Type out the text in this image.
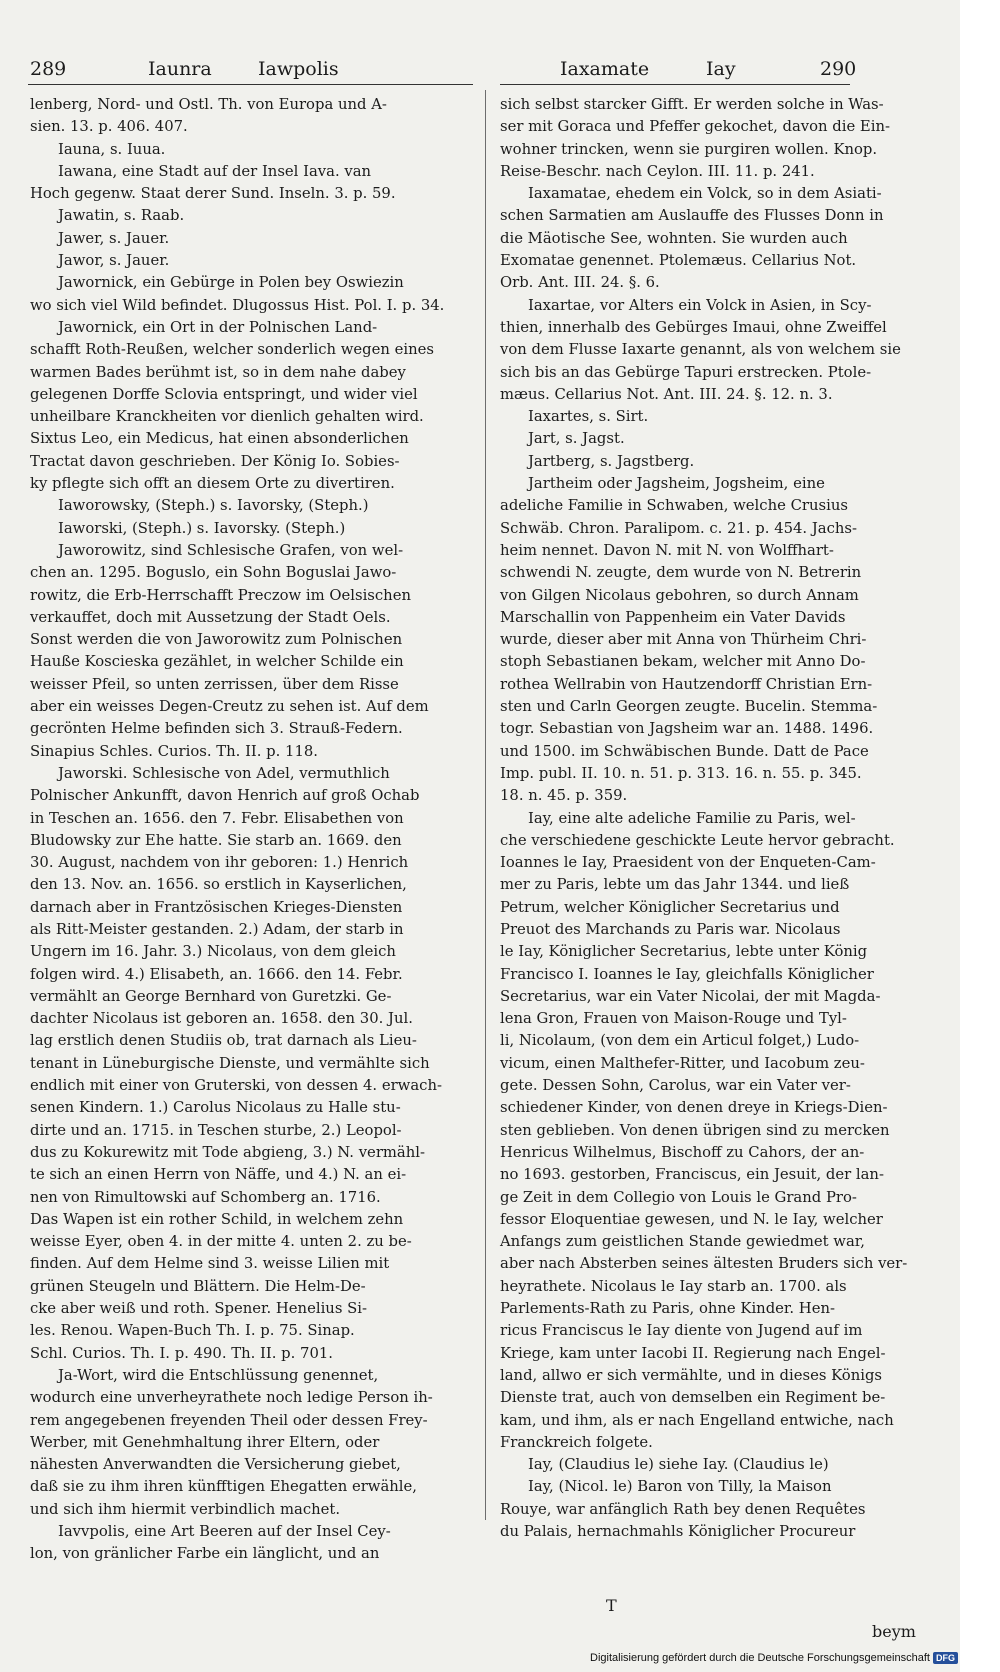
289	Iaunra Iawpolis	Iaxamate	Iay	290
lenberg, Nord- und Ostl. Th. von Europa und A-
sien. 13. p. 406. 407.
Iauna, s. Iuua.
Iawana, eine Stadt auf der Insel Iava. van
Hoch gegenw. Staat derer Sund. Inseln. 3. p. 59.
Jawatin, s. Raab.
Jawer, s. Jauer.
Jawor, s. Jauer.
Jawornick, ein Gebürge in Polen bey Oswiezin
wo sich viel Wild befindet. Dlugossus Hist. Pol. I. p. 34.
Jawornick, ein Ort in der Polnischen Land-
schafft Roth-Reußen, welcher sonderlich wegen eines
warmen Bades berühmt ist, so in dem nahe dabey
gelegenen Dorffe Sclovia entspringt, und wider viel
unheilbare Kranckheiten vor dienlich gehalten wird.
Sixtus Leo, ein Medicus, hat einen absonderlichen
Tractat davon geschrieben. Der König Io. Sobies-
ky pflegte sich offt an diesem Orte zu divertiren.
Iaworowsky, (Steph.) s. Iavorsky, (Steph.)
Iaworski, (Steph.) s. Iavorsky. (Steph.)
Jaworowitz, sind Schlesische Grafen, von wel-
chen an. 1295. Boguslo, ein Sohn Boguslai Jawo-
rowitz, die Erb-Herrschafft Preczow im Oelsischen
verkauffet, doch mit Aussetzung der Stadt Oels.
Sonst werden die von Jaworowitz zum Polnischen
Hauße Koscieska gezählet, in welcher Schilde ein
weisser Pfeil, so unten zerrissen, über dem Risse
aber ein weisses Degen-Creutz zu sehen ist. Auf dem
gecrönten Helme befinden sich 3. Strauß-Federn.
Sinapius Schles. Curios. Th. II. p. 118.
Jaworski. Schlesische von Adel, vermuthlich
Polnischer Ankunfft, davon Henrich auf groß Ochab
in Teschen an. 1656. den 7. Febr. Elisabethen von
Bludowsky zur Ehe hatte. Sie starb an. 1669. den
30. August, nachdem von ihr geboren: 1.) Henrich
den 13. Nov. an. 1656. so erstlich in Kayserlichen,
darnach aber in Frantzösischen Krieges-Diensten
als Ritt-Meister gestanden. 2.) Adam, der starb in
Ungern im 16. Jahr. 3.) Nicolaus, von dem gleich
folgen wird. 4.) Elisabeth, an. 1666. den 14. Febr.
vermählt an George Bernhard von Guretzki. Ge-
dachter Nicolaus ist geboren an. 1658. den 30. Jul.
lag erstlich denen Studiis ob, trat darnach als Lieu-
tenant in Lüneburgische Dienste, und vermählte sich
endlich mit einer von Gruterski, von dessen 4. erwach-
senen Kindern. 1.) Carolus Nicolaus zu Halle stu-
dirte und an. 1715. in Teschen sturbe, 2.) Leopol-
dus zu Kokurewitz mit Tode abgieng, 3.) N. vermähl-
te sich an einen Herrn von Näffe, und 4.) N. an ei-
nen von Rimultowski auf Schomberg an. 1716.
Das Wapen ist ein rother Schild, in welchem zehn
weisse Eyer, oben 4. in der mitte 4. unten 2. zu be-
finden. Auf dem Helme sind 3. weisse Lilien mit
grünen Steugeln und Blättern. Die Helm-De-
cke aber weiß und roth. Spener. Henelius Si-
les. Renou. Wapen-Buch Th. I. p. 75. Sinap.
Schl. Curios. Th. I. p. 490. Th. II. p. 701.
Ja-Wort, wird die Entschlüssung genennet,
wodurch eine unverheyrathete noch ledige Person ih-
rem angegebenen freyenden Theil oder dessen Frey-
Werber, mit Genehmhaltung ihrer Eltern, oder
nähesten Anverwandten die Versicherung giebet,
daß sie zu ihm ihren künfftigen Ehegatten erwähle,
und sich ihm hiermit verbindlich machet.
Iavvpolis, eine Art Beeren auf der Insel Cey-
lon, von gränlicher Farbe ein länglicht, und an
sich selbst starcker Gifft. Er werden solche in Was-
ser mit Goraca und Pfeffer gekochet, davon die Ein-
wohner trincken, wenn sie purgiren wollen. Knop.
Reise-Beschr. nach Ceylon. III. 11. p. 241.
Iaxamatae, ehedem ein Volck, so in dem Asiati-
schen Sarmatien am Auslauffe des Flusses Donn in
die Mäotische See, wohnten. Sie wurden auch
Exomatae genennet. Ptolemæus. Cellarius Not.
Orb. Ant. III. 24. §. 6.
Iaxartae, vor Alters ein Volck in Asien, in Scy-
thien, innerhalb des Gebürges Imaui, ohne Zweiffel
von dem Flusse Iaxarte genannt, als von welchem sie
sich bis an das Gebürge Tapuri erstrecken. Ptole-
mæus. Cellarius Not. Ant. III. 24. §. 12. n. 3.
Iaxartes, s. Sirt.
Jart, s. Jagst.
Jartberg, s. Jagstberg.
Jartheim oder Jagsheim, Jogsheim, eine
adeliche Familie in Schwaben, welche Crusius
Schwäb. Chron. Paralipom. c. 21. p. 454. Jachs-
heim nennet. Davon N. mit N. von Wolffhart-
schwendi N. zeugte, dem wurde von N. Betrerin
von Gilgen Nicolaus gebohren, so durch Annam
Marschallin von Pappenheim ein Vater Davids
wurde, dieser aber mit Anna von Thürheim Chri-
stoph Sebastianen bekam, welcher mit Anno Do-
rothea Wellrabin von Hautzendorff Christian Ern-
sten und Carln Georgen zeugte. Bucelin. Stemma-
togr. Sebastian von Jagsheim war an. 1488. 1496.
und 1500. im Schwäbischen Bunde. Datt de Pace
Imp. publ. II. 10. n. 51. p. 313. 16. n. 55. p. 345.
18. n. 45. p. 359.
Iay, eine alte adeliche Familie zu Paris, wel-
che verschiedene geschickte Leute hervor gebracht.
Ioannes le Iay, Praesident von der Enqueten-Cam-
mer zu Paris, lebte um das Jahr 1344. und ließ
Petrum, welcher Königlicher Secretarius und
Preuot des Marchands zu Paris war. Nicolaus
le Iay, Königlicher Secretarius, lebte unter König
Francisco I. Ioannes le Iay, gleichfalls Königlicher
Secretarius, war ein Vater Nicolai, der mit Magda-
lena Gron, Frauen von Maison-Rouge und Tyl-
li, Nicolaum, (von dem ein Articul folget,) Ludo-
vicum, einen Malthefer-Ritter, und Iacobum zeu-
gete. Dessen Sohn, Carolus, war ein Vater ver-
schiedener Kinder, von denen dreye in Kriegs-Dien-
sten geblieben. Von denen übrigen sind zu mercken
Henricus Wilhelmus, Bischoff zu Cahors, der an-
no 1693. gestorben, Franciscus, ein Jesuit, der lan-
ge Zeit in dem Collegio von Louis le Grand Pro-
fessor Eloquentiae gewesen, und N. le Iay, welcher
Anfangs zum geistlichen Stande gewiedmet war,
aber nach Absterben seines ältesten Bruders sich ver-
heyrathete. Nicolaus le Iay starb an. 1700. als
Parlements-Rath zu Paris, ohne Kinder. Hen-
ricus Franciscus le Iay diente von Jugend auf im
Kriege, kam unter Iacobi II. Regierung nach Engel-
land, allwo er sich vermählte, und in dieses Königs
Dienste trat, auch von demselben ein Regiment be-
kam, und ihm, als er nach Engelland entwiche, nach
Franckreich folgete.
Iay, (Claudius le) siehe Iay. (Claudius le)
Iay, (Nicol. le) Baron von Tilly, la Maison
Rouye, war anfänglich Rath bey denen Requêtes
du Palais, hernachmahls Königlicher Procureur
T
beym
Digitalisierung gefördert durch die Deutsche Forschungsgemeinschaft DFG
